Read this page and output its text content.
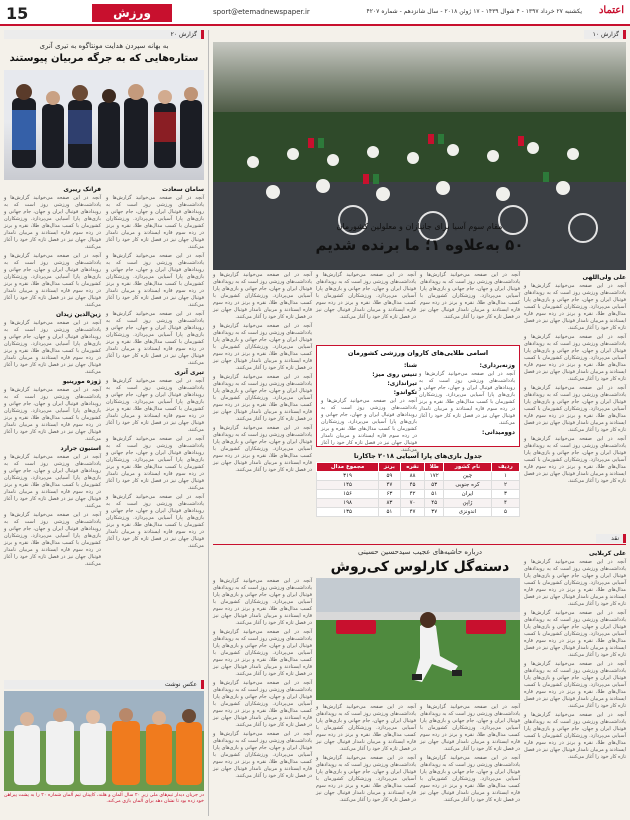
15	ورزش	sport@etemadnewspaper.ir	یکشنبه ۲۷ خرداد ۱۳۹۷ - ۴ شوال ۱۴۳۹ - ۱۷ ژوئن ۲۰۱۸ - سال شانزدهم - شماره ۴۲۰۷ اعتماد
گزارش ۲۰
به بهانه سپردن هدایت مونتاگوه به تیری آنری
ستاره‌هایی که به جرگه مربیان پیوستند

فرانک ریبری

آنچه در این صفحه می‌خوانید گزارش‌ها و یادداشت‌های ورزشی روز است که به رویدادهای فوتبال ایران و جهان، جام جهانی و بازی‌های پارا آسیایی می‌پردازد. ورزشکاران کشورمان با کسب مدال‌های طلا، نقره و برنز در رده سوم قاره ایستادند و مربیان نامدار فوتبال جهان نیز در فصل تازه کار خود را آغاز می‌کنند.

آنچه در این صفحه می‌خوانید گزارش‌ها و یادداشت‌های ورزشی روز است که به رویدادهای فوتبال ایران و جهان، جام جهانی و بازی‌های پارا آسیایی می‌پردازد. ورزشکاران کشورمان با کسب مدال‌های طلا، نقره و برنز در رده سوم قاره ایستادند و مربیان نامدار فوتبال جهان نیز در فصل تازه کار خود را آغاز می‌کنند.

زین‌الدین زیدان

آنچه در این صفحه می‌خوانید گزارش‌ها و یادداشت‌های ورزشی روز است که به رویدادهای فوتبال ایران و جهان، جام جهانی و بازی‌های پارا آسیایی می‌پردازد. ورزشکاران کشورمان با کسب مدال‌های طلا، نقره و برنز در رده سوم قاره ایستادند و مربیان نامدار فوتبال جهان نیز در فصل تازه کار خود را آغاز می‌کنند.

ژوزه مورینیو

آنچه در این صفحه می‌خوانید گزارش‌ها و یادداشت‌های ورزشی روز است که به رویدادهای فوتبال ایران و جهان، جام جهانی و بازی‌های پارا آسیایی می‌پردازد. ورزشکاران کشورمان با کسب مدال‌های طلا، نقره و برنز در رده سوم قاره ایستادند و مربیان نامدار فوتبال جهان نیز در فصل تازه کار خود را آغاز می‌کنند.

استیون جرارد

آنچه در این صفحه می‌خوانید گزارش‌ها و یادداشت‌های ورزشی روز است که به رویدادهای فوتبال ایران و جهان، جام جهانی و بازی‌های پارا آسیایی می‌پردازد. ورزشکاران کشورمان با کسب مدال‌های طلا، نقره و برنز در رده سوم قاره ایستادند و مربیان نامدار فوتبال جهان نیز در فصل تازه کار خود را آغاز می‌کنند.

آنچه در این صفحه می‌خوانید گزارش‌ها و یادداشت‌های ورزشی روز است که به رویدادهای فوتبال ایران و جهان، جام جهانی و بازی‌های پارا آسیایی می‌پردازد. ورزشکاران کشورمان با کسب مدال‌های طلا، نقره و برنز در رده سوم قاره ایستادند و مربیان نامدار فوتبال جهان نیز در فصل تازه کار خود را آغاز می‌کنند.

سامان سعادت

آنچه در این صفحه می‌خوانید گزارش‌ها و یادداشت‌های ورزشی روز است که به رویدادهای فوتبال ایران و جهان، جام جهانی و بازی‌های پارا آسیایی می‌پردازد. ورزشکاران کشورمان با کسب مدال‌های طلا، نقره و برنز در رده سوم قاره ایستادند و مربیان نامدار فوتبال جهان نیز در فصل تازه کار خود را آغاز می‌کنند.

آنچه در این صفحه می‌خوانید گزارش‌ها و یادداشت‌های ورزشی روز است که به رویدادهای فوتبال ایران و جهان، جام جهانی و بازی‌های پارا آسیایی می‌پردازد. ورزشکاران کشورمان با کسب مدال‌های طلا، نقره و برنز در رده سوم قاره ایستادند و مربیان نامدار فوتبال جهان نیز در فصل تازه کار خود را آغاز می‌کنند.

آنچه در این صفحه می‌خوانید گزارش‌ها و یادداشت‌های ورزشی روز است که به رویدادهای فوتبال ایران و جهان، جام جهانی و بازی‌های پارا آسیایی می‌پردازد. ورزشکاران کشورمان با کسب مدال‌های طلا، نقره و برنز در رده سوم قاره ایستادند و مربیان نامدار فوتبال جهان نیز در فصل تازه کار خود را آغاز می‌کنند.

تیری آنری

آنچه در این صفحه می‌خوانید گزارش‌ها و یادداشت‌های ورزشی روز است که به رویدادهای فوتبال ایران و جهان، جام جهانی و بازی‌های پارا آسیایی می‌پردازد. ورزشکاران کشورمان با کسب مدال‌های طلا، نقره و برنز در رده سوم قاره ایستادند و مربیان نامدار فوتبال جهان نیز در فصل تازه کار خود را آغاز می‌کنند.

آنچه در این صفحه می‌خوانید گزارش‌ها و یادداشت‌های ورزشی روز است که به رویدادهای فوتبال ایران و جهان، جام جهانی و بازی‌های پارا آسیایی می‌پردازد. ورزشکاران کشورمان با کسب مدال‌های طلا، نقره و برنز در رده سوم قاره ایستادند و مربیان نامدار فوتبال جهان نیز در فصل تازه کار خود را آغاز می‌کنند.

آنچه در این صفحه می‌خوانید گزارش‌ها و یادداشت‌های ورزشی روز است که به رویدادهای فوتبال ایران و جهان، جام جهانی و بازی‌های پارا آسیایی می‌پردازد. ورزشکاران کشورمان با کسب مدال‌های طلا، نقره و برنز در رده سوم قاره ایستادند و مربیان نامدار فوتبال جهان نیز در فصل تازه کار خود را آغاز می‌کنند.

عکس نوشت
در جریان دیدار تیم‌های ملی زیر ۲۰ سال آلمان و هلند، کاپیتان تیم آلمان شماره ۲۰ را به پشت پیراهن خود زده بود تا نشان دهد برای آلمان بازی می‌کند.
گزارش ۱۰
مقام سوم آسیا برای جانبازان و معلولین کشورمان
۵۰ به‌علاوه ۱؛ ما برنده شدیم

علی ولی‌اللهی

آنچه در این صفحه می‌خوانید گزارش‌ها و یادداشت‌های ورزشی روز است که به رویدادهای فوتبال ایران و جهان، جام جهانی و بازی‌های پارا آسیایی می‌پردازد. ورزشکاران کشورمان با کسب مدال‌های طلا، نقره و برنز در رده سوم قاره ایستادند و مربیان نامدار فوتبال جهان نیز در فصل تازه کار خود را آغاز می‌کنند.

آنچه در این صفحه می‌خوانید گزارش‌ها و یادداشت‌های ورزشی روز است که به رویدادهای فوتبال ایران و جهان، جام جهانی و بازی‌های پارا آسیایی می‌پردازد. ورزشکاران کشورمان با کسب مدال‌های طلا، نقره و برنز در رده سوم قاره ایستادند و مربیان نامدار فوتبال جهان نیز در فصل تازه کار خود را آغاز می‌کنند.

آنچه در این صفحه می‌خوانید گزارش‌ها و یادداشت‌های ورزشی روز است که به رویدادهای فوتبال ایران و جهان، جام جهانی و بازی‌های پارا آسیایی می‌پردازد. ورزشکاران کشورمان با کسب مدال‌های طلا، نقره و برنز در رده سوم قاره ایستادند و مربیان نامدار فوتبال جهان نیز در فصل تازه کار خود را آغاز می‌کنند.

آنچه در این صفحه می‌خوانید گزارش‌ها و یادداشت‌های ورزشی روز است که به رویدادهای فوتبال ایران و جهان، جام جهانی و بازی‌های پارا آسیایی می‌پردازد. ورزشکاران کشورمان با کسب مدال‌های طلا، نقره و برنز در رده سوم قاره ایستادند و مربیان نامدار فوتبال جهان نیز در فصل تازه کار خود را آغاز می‌کنند.

آنچه در این صفحه می‌خوانید گزارش‌ها و یادداشت‌های ورزشی روز است که به رویدادهای فوتبال ایران و جهان، جام جهانی و بازی‌های پارا آسیایی می‌پردازد. ورزشکاران کشورمان با کسب مدال‌های طلا، نقره و برنز در رده سوم قاره ایستادند و مربیان نامدار فوتبال جهان نیز در فصل تازه کار خود را آغاز می‌کنند.

آنچه در این صفحه می‌خوانید گزارش‌ها و یادداشت‌های ورزشی روز است که به رویدادهای فوتبال ایران و جهان، جام جهانی و بازی‌های پارا آسیایی می‌پردازد. ورزشکاران کشورمان با کسب مدال‌های طلا، نقره و برنز در رده سوم قاره ایستادند و مربیان نامدار فوتبال جهان نیز در فصل تازه کار خود را آغاز می‌کنند.

آنچه در این صفحه می‌خوانید گزارش‌ها و یادداشت‌های ورزشی روز است که به رویدادهای فوتبال ایران و جهان، جام جهانی و بازی‌های پارا آسیایی می‌پردازد. ورزشکاران کشورمان با کسب مدال‌های طلا، نقره و برنز در رده سوم قاره ایستادند و مربیان نامدار فوتبال جهان نیز در فصل تازه کار خود را آغاز می‌کنند.

آنچه در این صفحه می‌خوانید گزارش‌ها و یادداشت‌های ورزشی روز است که به رویدادهای فوتبال ایران و جهان، جام جهانی و بازی‌های پارا آسیایی می‌پردازد. ورزشکاران کشورمان با کسب مدال‌های طلا، نقره و برنز در رده سوم قاره ایستادند و مربیان نامدار فوتبال جهان نیز در فصل تازه کار خود را آغاز می‌کنند.

آنچه در این صفحه می‌خوانید گزارش‌ها و یادداشت‌های ورزشی روز است که به رویدادهای فوتبال ایران و جهان، جام جهانی و بازی‌های پارا آسیایی می‌پردازد. ورزشکاران کشورمان با کسب مدال‌های طلا، نقره و برنز در رده سوم قاره ایستادند و مربیان نامدار فوتبال جهان نیز در فصل تازه کار خود را آغاز می‌کنند.

آنچه در این صفحه می‌خوانید گزارش‌ها و یادداشت‌های ورزشی روز است که به رویدادهای فوتبال ایران و جهان، جام جهانی و بازی‌های پارا آسیایی می‌پردازد. ورزشکاران کشورمان با کسب مدال‌های طلا، نقره و برنز در رده سوم قاره ایستادند و مربیان نامدار فوتبال جهان نیز در فصل تازه کار خود را آغاز می‌کنند.

اسامی طلایی‌های کاروان ورزشی کشورمان

وزنه‌برداری:

آنچه در این صفحه می‌خوانید گزارش‌ها و یادداشت‌های ورزشی روز است که به رویدادهای فوتبال ایران و جهان، جام جهانی و بازی‌های پارا آسیایی می‌پردازد. ورزشکاران کشورمان با کسب مدال‌های طلا، نقره و برنز در رده سوم قاره ایستادند و مربیان نامدار فوتبال جهان نیز در فصل تازه کار خود را آغاز می‌کنند.

دوومیدانی:

شنا:

تنیس روی میز:

تیراندازی:

تکواندو:

آنچه در این صفحه می‌خوانید گزارش‌ها و یادداشت‌های ورزشی روز است که به رویدادهای فوتبال ایران و جهان، جام جهانی و بازی‌های پارا آسیایی می‌پردازد. ورزشکاران کشورمان با کسب مدال‌های طلا، نقره و برنز در رده سوم قاره ایستادند و مربیان نامدار فوتبال جهان نیز در فصل تازه کار خود را آغاز می‌کنند.

جدول بازی‌های پارا آسیایی ۲۰۱۸ جاکارتا
ردیف	نام کشور	طلا	نقره	برنز	مجموع مدال
۱	چین	۱۷۲	۸۸	۵۹	۳۱۹
۲	کره جنوبی	۵۳	۴۵	۴۷	۱۴۵
۳	ایران	۵۱	۴۲	۶۳	۱۵۶
۴	ژاپن	۴۵	۷۰	۸۳	۱۹۸
۵	اندونزی	۳۷	۴۷	۵۱	۱۳۵
نقد
درباره حاشیه‌های عجیب سیدحسین حسینی
دسته‌گل کارلوس کی‌روش

علی کربلایی

آنچه در این صفحه می‌خوانید گزارش‌ها و یادداشت‌های ورزشی روز است که به رویدادهای فوتبال ایران و جهان، جام جهانی و بازی‌های پارا آسیایی می‌پردازد. ورزشکاران کشورمان با کسب مدال‌های طلا، نقره و برنز در رده سوم قاره ایستادند و مربیان نامدار فوتبال جهان نیز در فصل تازه کار خود را آغاز می‌کنند.

آنچه در این صفحه می‌خوانید گزارش‌ها و یادداشت‌های ورزشی روز است که به رویدادهای فوتبال ایران و جهان، جام جهانی و بازی‌های پارا آسیایی می‌پردازد. ورزشکاران کشورمان با کسب مدال‌های طلا، نقره و برنز در رده سوم قاره ایستادند و مربیان نامدار فوتبال جهان نیز در فصل تازه کار خود را آغاز می‌کنند.

آنچه در این صفحه می‌خوانید گزارش‌ها و یادداشت‌های ورزشی روز است که به رویدادهای فوتبال ایران و جهان، جام جهانی و بازی‌های پارا آسیایی می‌پردازد. ورزشکاران کشورمان با کسب مدال‌های طلا، نقره و برنز در رده سوم قاره ایستادند و مربیان نامدار فوتبال جهان نیز در فصل تازه کار خود را آغاز می‌کنند.

آنچه در این صفحه می‌خوانید گزارش‌ها و یادداشت‌های ورزشی روز است که به رویدادهای فوتبال ایران و جهان، جام جهانی و بازی‌های پارا آسیایی می‌پردازد. ورزشکاران کشورمان با کسب مدال‌های طلا، نقره و برنز در رده سوم قاره ایستادند و مربیان نامدار فوتبال جهان نیز در فصل تازه کار خود را آغاز می‌کنند.

آنچه در این صفحه می‌خوانید گزارش‌ها و یادداشت‌های ورزشی روز است که به رویدادهای فوتبال ایران و جهان، جام جهانی و بازی‌های پارا آسیایی می‌پردازد. ورزشکاران کشورمان با کسب مدال‌های طلا، نقره و برنز در رده سوم قاره ایستادند و مربیان نامدار فوتبال جهان نیز در فصل تازه کار خود را آغاز می‌کنند.

آنچه در این صفحه می‌خوانید گزارش‌ها و یادداشت‌های ورزشی روز است که به رویدادهای فوتبال ایران و جهان، جام جهانی و بازی‌های پارا آسیایی می‌پردازد. ورزشکاران کشورمان با کسب مدال‌های طلا، نقره و برنز در رده سوم قاره ایستادند و مربیان نامدار فوتبال جهان نیز در فصل تازه کار خود را آغاز می‌کنند.

آنچه در این صفحه می‌خوانید گزارش‌ها و یادداشت‌های ورزشی روز است که به رویدادهای فوتبال ایران و جهان، جام جهانی و بازی‌های پارا آسیایی می‌پردازد. ورزشکاران کشورمان با کسب مدال‌های طلا، نقره و برنز در رده سوم قاره ایستادند و مربیان نامدار فوتبال جهان نیز در فصل تازه کار خود را آغاز می‌کنند.

آنچه در این صفحه می‌خوانید گزارش‌ها و یادداشت‌های ورزشی روز است که به رویدادهای فوتبال ایران و جهان، جام جهانی و بازی‌های پارا آسیایی می‌پردازد. ورزشکاران کشورمان با کسب مدال‌های طلا، نقره و برنز در رده سوم قاره ایستادند و مربیان نامدار فوتبال جهان نیز در فصل تازه کار خود را آغاز می‌کنند.

آنچه در این صفحه می‌خوانید گزارش‌ها و یادداشت‌های ورزشی روز است که به رویدادهای فوتبال ایران و جهان، جام جهانی و بازی‌های پارا آسیایی می‌پردازد. ورزشکاران کشورمان با کسب مدال‌های طلا، نقره و برنز در رده سوم قاره ایستادند و مربیان نامدار فوتبال جهان نیز در فصل تازه کار خود را آغاز می‌کنند.

آنچه در این صفحه می‌خوانید گزارش‌ها و یادداشت‌های ورزشی روز است که به رویدادهای فوتبال ایران و جهان، جام جهانی و بازی‌های پارا آسیایی می‌پردازد. ورزشکاران کشورمان با کسب مدال‌های طلا، نقره و برنز در رده سوم قاره ایستادند و مربیان نامدار فوتبال جهان نیز در فصل تازه کار خود را آغاز می‌کنند.

آنچه در این صفحه می‌خوانید گزارش‌ها و یادداشت‌های ورزشی روز است که به رویدادهای فوتبال ایران و جهان، جام جهانی و بازی‌های پارا آسیایی می‌پردازد. ورزشکاران کشورمان با کسب مدال‌های طلا، نقره و برنز در رده سوم قاره ایستادند و مربیان نامدار فوتبال جهان نیز در فصل تازه کار خود را آغاز می‌کنند.

آنچه در این صفحه می‌خوانید گزارش‌ها و یادداشت‌های ورزشی روز است که به رویدادهای فوتبال ایران و جهان، جام جهانی و بازی‌های پارا آسیایی می‌پردازد. ورزشکاران کشورمان با کسب مدال‌های طلا، نقره و برنز در رده سوم قاره ایستادند و مربیان نامدار فوتبال جهان نیز در فصل تازه کار خود را آغاز می‌کنند.
